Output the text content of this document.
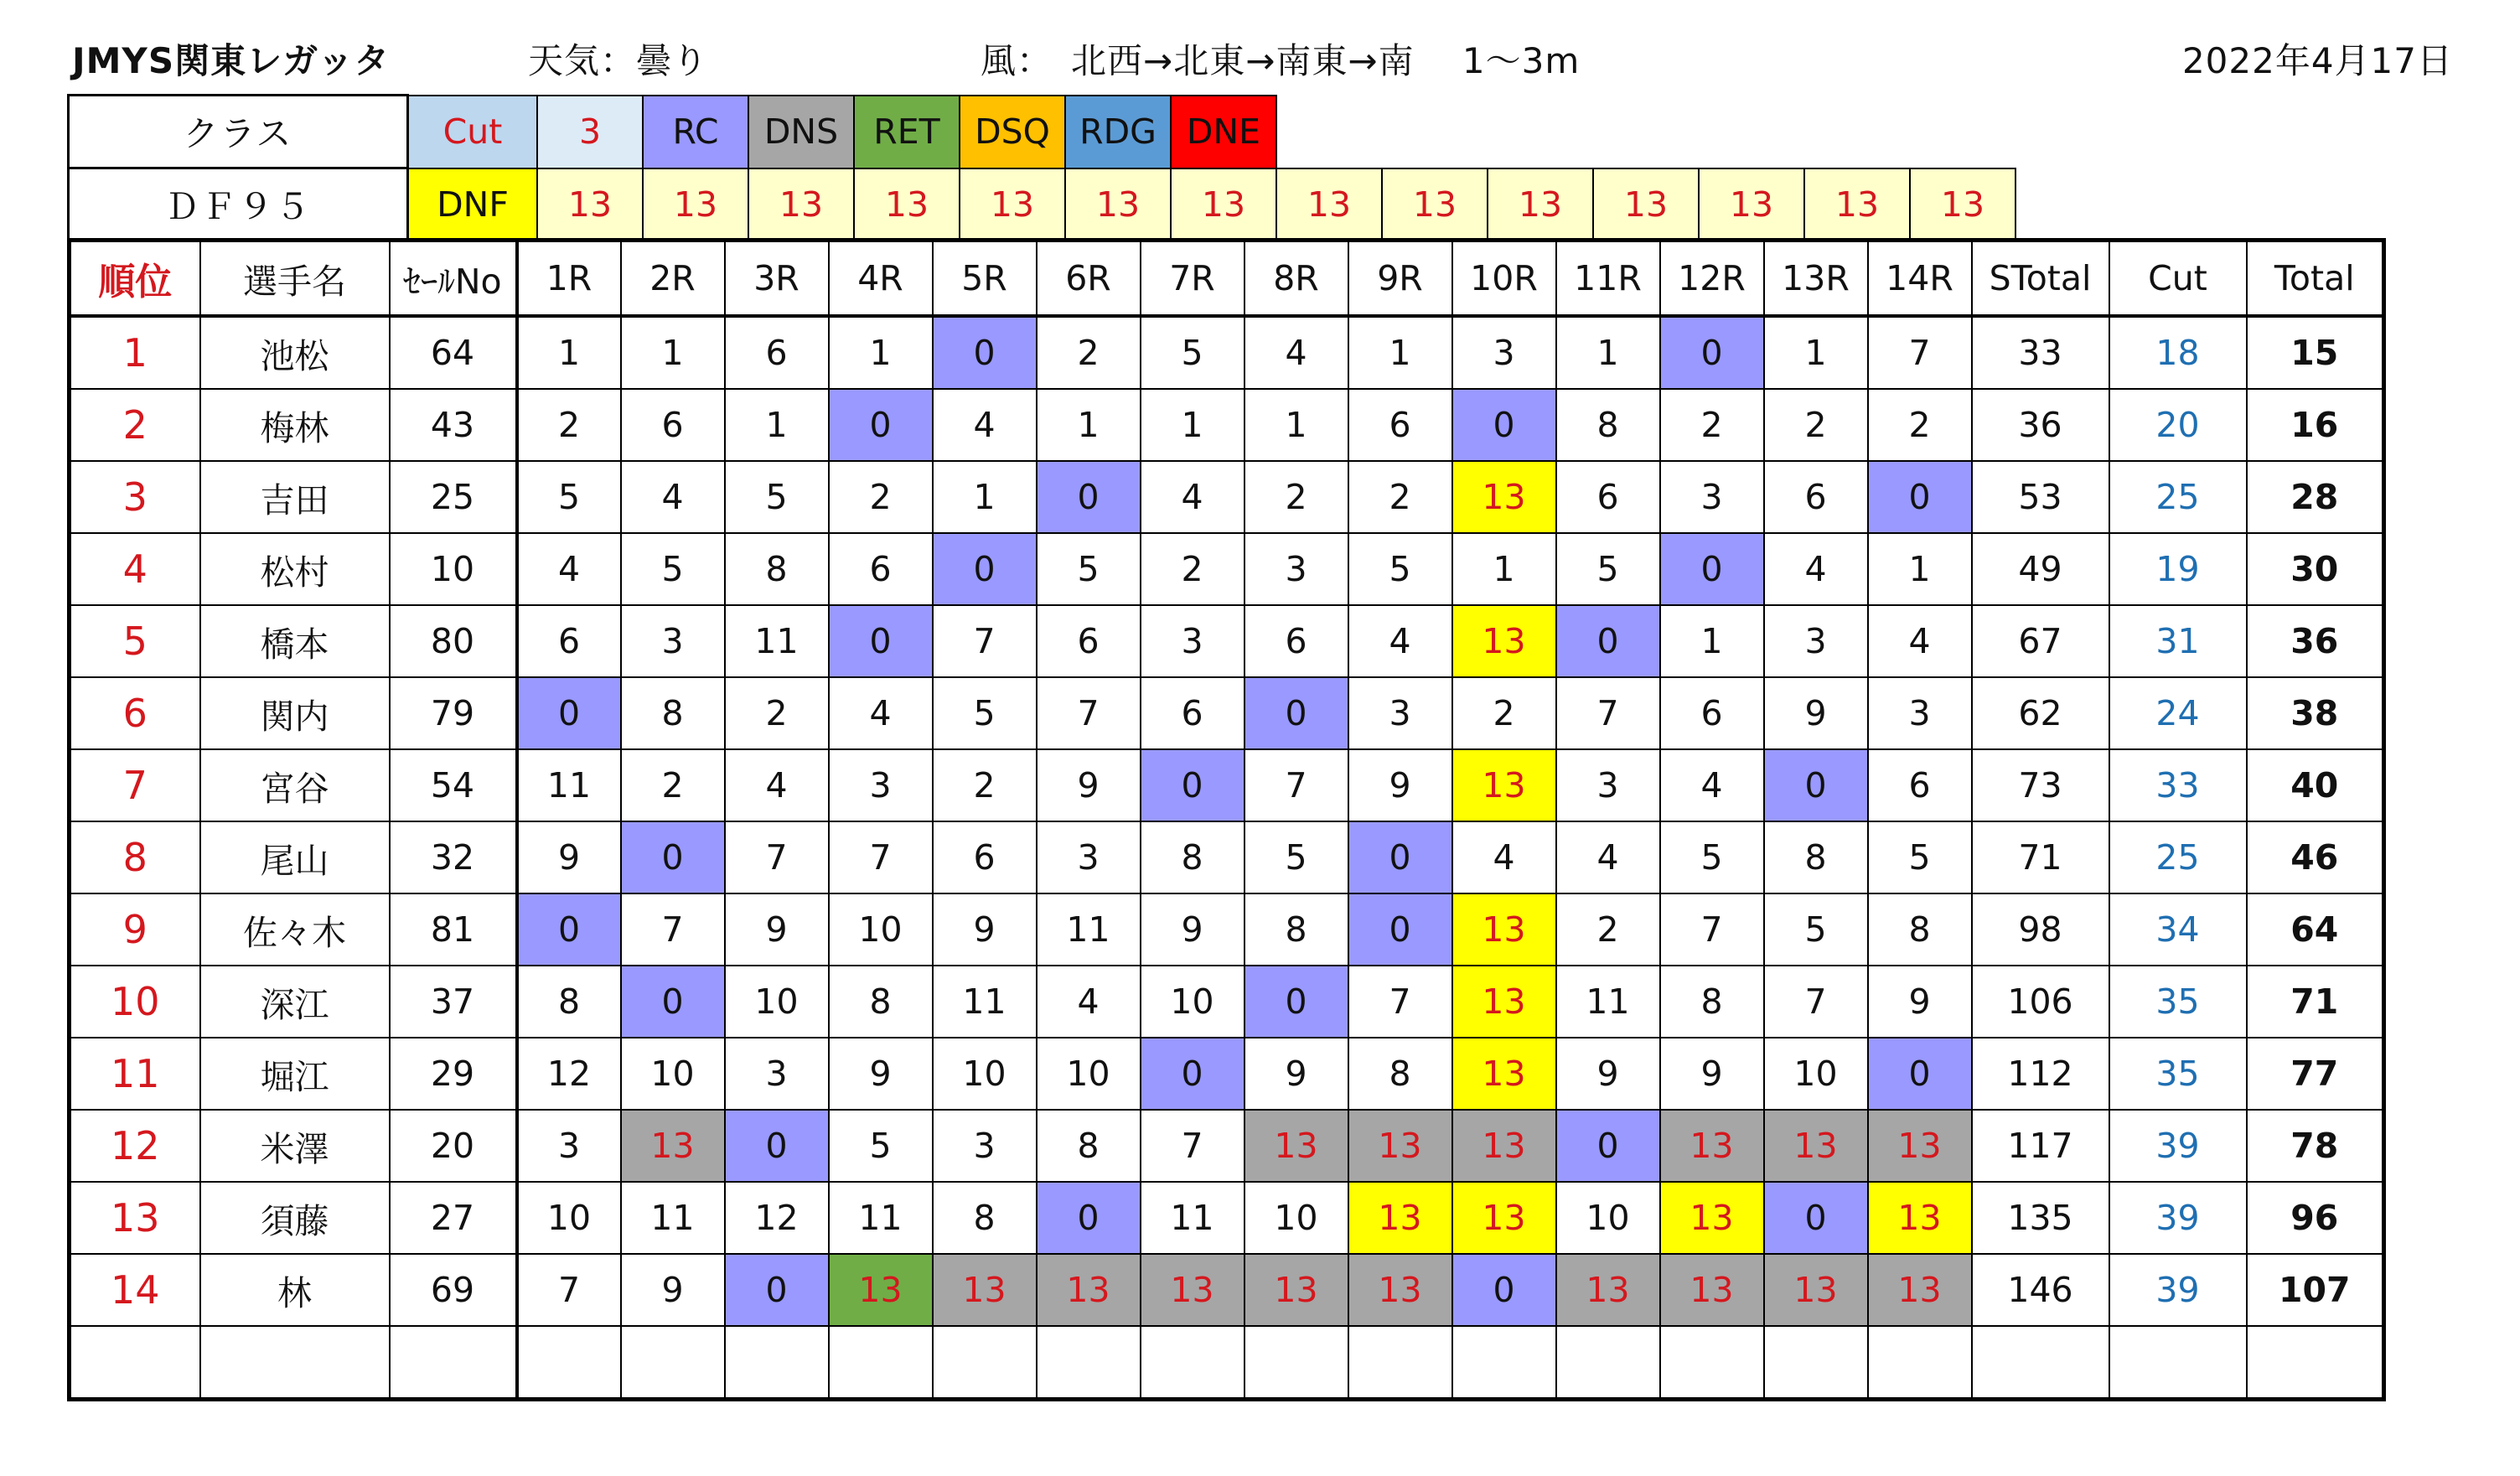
JMYS関東レガッタ	天気：曇り	風：　北西→北東→南東→南　 1～3m	2022年4月17日
クラス	Cut	3	RC	DNS	RET	DSQ	RDG	DNE							
ＤＦ９５	DNF	13	13	13	13	13	13	13	13	13	13	13	13	13	13
順位	選手名	ｾｰﾙNo	1R	2R	3R	4R	5R	6R	7R	8R	9R	10R	11R	12R	13R	14R	STotal	Cut	Total
1	池松	64	1	1	6	1	0	2	5	4	1	3	1	0	1	7	33	18	15
2	梅林	43	2	6	1	0	4	1	1	1	6	0	8	2	2	2	36	20	16
3	吉田	25	5	4	5	2	1	0	4	2	2	13	6	3	6	0	53	25	28
4	松村	10	4	5	8	6	0	5	2	3	5	1	5	0	4	1	49	19	30
5	橋本	80	6	3	11	0	7	6	3	6	4	13	0	1	3	4	67	31	36
6	関内	79	0	8	2	4	5	7	6	0	3	2	7	6	9	3	62	24	38
7	宮谷	54	11	2	4	3	2	9	0	7	9	13	3	4	0	6	73	33	40
8	尾山	32	9	0	7	7	6	3	8	5	0	4	4	5	8	5	71	25	46
9	佐々木	81	0	7	9	10	9	11	9	8	0	13	2	7	5	8	98	34	64
10	深江	37	8	0	10	8	11	4	10	0	7	13	11	8	7	9	106	35	71
11	堀江	29	12	10	3	9	10	10	0	9	8	13	9	9	10	0	112	35	77
12	米澤	20	3	13	0	5	3	8	7	13	13	13	0	13	13	13	117	39	78
13	須藤	27	10	11	12	11	8	0	11	10	13	13	10	13	0	13	135	39	96
14	林	69	7	9	0	13	13	13	13	13	13	0	13	13	13	13	146	39	107
